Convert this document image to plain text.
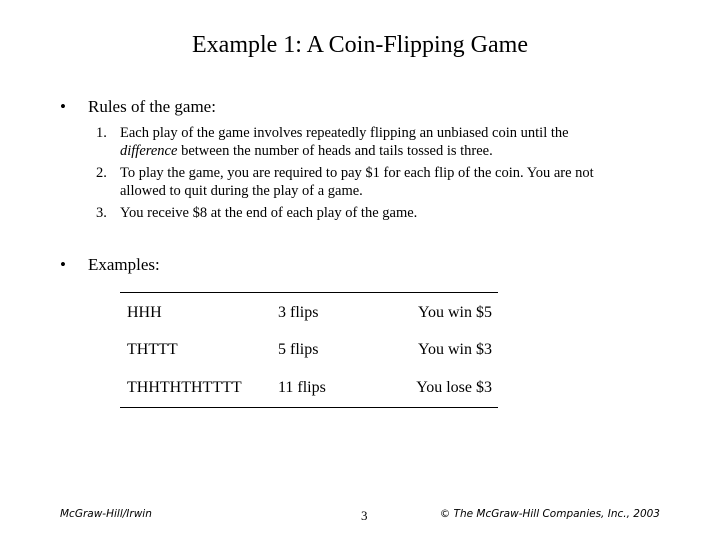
Example 1: A Coin-Flipping Game
•	Rules of the game:
1. Each play of the game involves repeatedly flipping an unbiased coin until the
difference between the number of heads and tails tossed is three.
2. To play the game, you are required to pay $1 for each flip of the coin. You are not
allowed to quit during the play of a game.
3. You receive $8 at the end of each play of the game.
•	Examples:
HHH	3 flips	You win $5
THTTT	5 flips	You win $3
THHTHTHTTTT 11 flips	You lose $3
McGraw-Hill/Irwin	3	© The McGraw-Hill Companies, Inc., 2003
